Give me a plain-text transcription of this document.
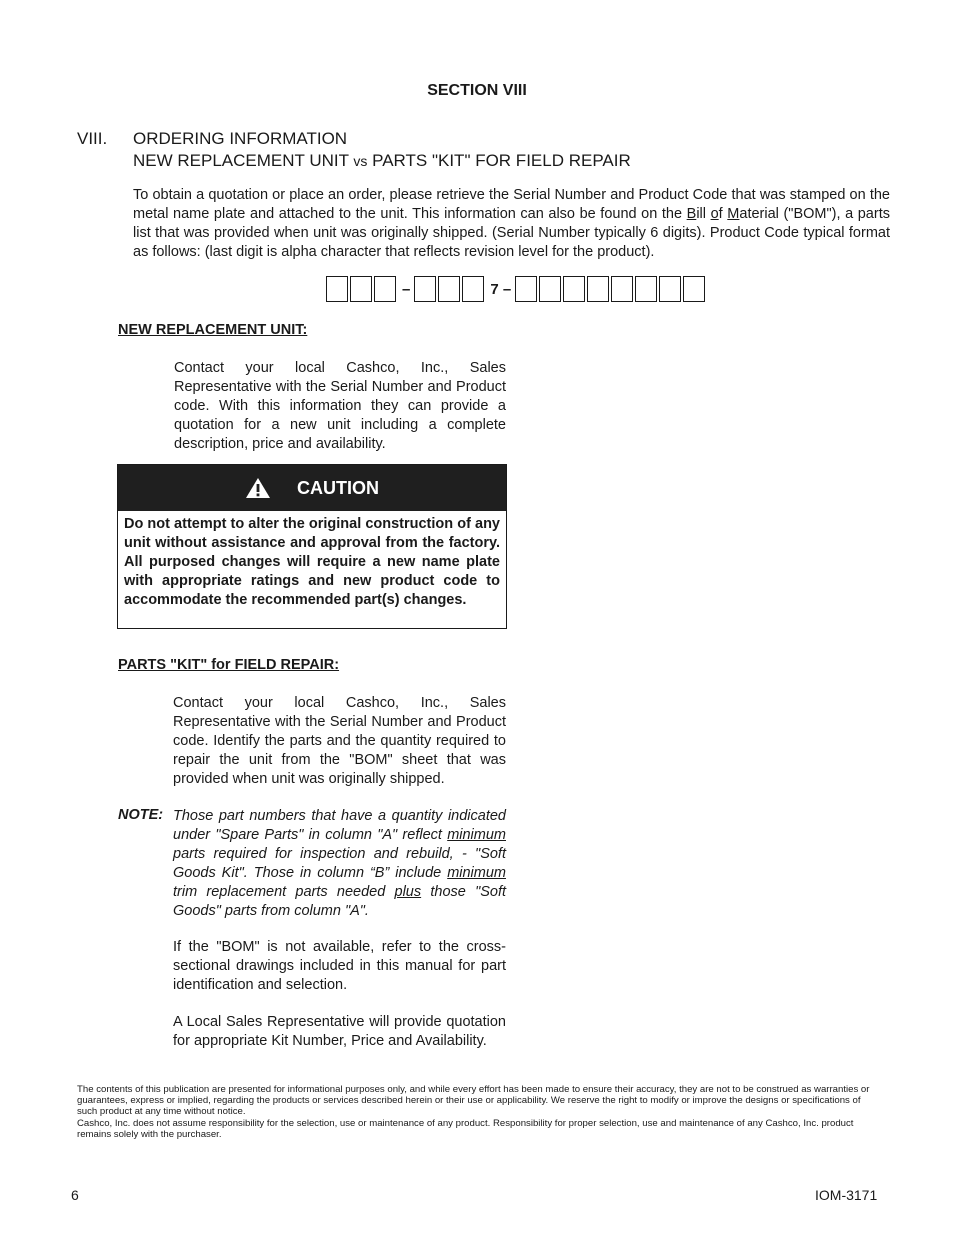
SECTION VIII
VIII. ORDERING INFORMATION
NEW REPLACEMENT UNIT vs PARTS "KIT" FOR FIELD REPAIR
To obtain a quotation or place an order, please retrieve the Serial Number and Product Code that was stamped on the metal name plate and attached to the unit. This information can also be found on the Bill of Material ("BOM"), a parts list that was provided when unit was originally shipped. (Serial Number typically 6 digits). Product Code typical format as follows: (last digit is alpha character that reflects revision level for the product).
–	7 –
NEW REPLACEMENT UNIT:
Contact your local Cashco, Inc., Sales Representative with the Serial Number and Product code. With this information they can provide a quotation for a new unit including a complete description, price and availability.
CAUTION
Do not attempt to alter the original construction of any unit without assistance and approval from the factory. All purposed changes will require a new name plate with appropriate ratings and new product code to accommodate the recommended part(s) changes.
PARTS "KIT" for FIELD REPAIR:
Contact your local Cashco, Inc., Sales Representative with the Serial Number and Product code. Identify the parts and the quantity required to repair the unit from the "BOM" sheet that was provided when unit was originally shipped.
NOTE: Those part numbers that have a quantity indicated under "Spare Parts" in column "A" reflect minimum parts required for inspection and rebuild, - "Soft Goods Kit". Those in column “B” include minimum trim replacement parts needed plus those "Soft Goods" parts from column "A".
If the "BOM" is not available, refer to the cross-sectional drawings included in this manual for part identification and selection.
A Local Sales Representative will provide quotation for appropriate Kit Number, Price and Availability.
The contents of this publication are presented for informational purposes only, and while every effort has been made to ensure their accuracy, they are not to be construed as warranties or guarantees, express or implied, regarding the products or services described herein or their use or applicability. We reserve the right to modify or improve the designs or specifications of such product at any time without notice.
Cashco, Inc. does not assume responsibility for the selection, use or maintenance of any product. Responsibility for proper selection, use and maintenance of any Cashco, Inc. product remains solely with the purchaser.
6	IOM-3171
